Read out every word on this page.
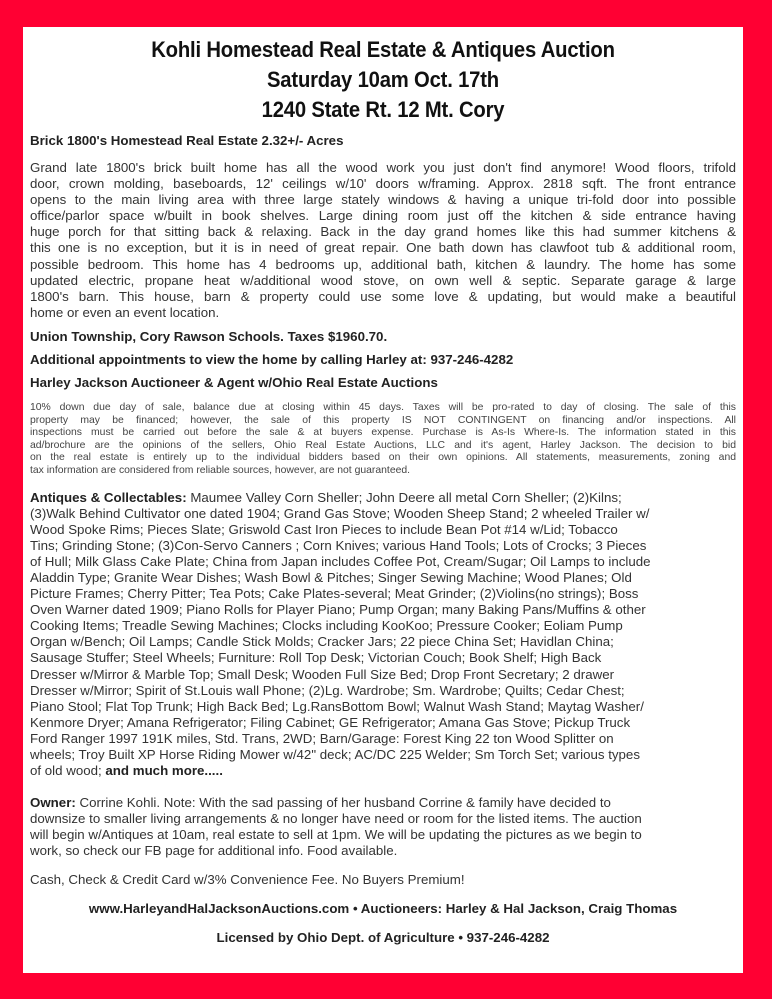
Kohli Homestead Real Estate & Antiques Auction
Saturday 10am Oct. 17th
1240 State Rt. 12 Mt. Cory

Brick 1800's Homestead Real Estate 2.32+/- Acres

Grand late 1800's brick built home has all the wood work you just don't find anymore! Wood floors, trifold
door, crown molding, baseboards, 12' ceilings w/10' doors w/framing. Approx. 2818 sqft. The front entrance
opens to the main living area with three large stately windows & having a unique tri-fold door into possible
office/parlor space w/built in book shelves. Large dining room just off the kitchen & side entrance having
huge porch for that sitting back & relaxing. Back in the day grand homes like this had summer kitchens &
this one is no exception, but it is in need of great repair. One bath down has clawfoot tub & additional room,
possible bedroom. This home has 4 bedrooms up, additional bath, kitchen & laundry. The home has some
updated electric, propane heat w/additional wood stove, on own well & septic. Separate garage & large
1800's barn. This house, barn & property could use some love & updating, but would make a beautiful
home or even an event location.

Union Township, Cory Rawson Schools. Taxes $1960.70.

Additional appointments to view the home by calling Harley at: 937-246-4282

Harley Jackson Auctioneer & Agent w/Ohio Real Estate Auctions

10% down due day of sale, balance due at closing within 45 days. Taxes will be pro-rated to day of closing. The sale of this
property may be financed; however, the sale of this property IS NOT CONTINGENT on financing and/or inspections. All
inspections must be carried out before the sale & at buyers expense. Purchase is As-Is Where-Is. The information stated in this
ad/brochure are the opinions of the sellers, Ohio Real Estate Auctions, LLC and it's agent, Harley Jackson. The decision to bid
on the real estate is entirely up to the individual bidders based on their own opinions. All statements, measurements, zoning and
tax information are considered from reliable sources, however, are not guaranteed.
Antiques & Collectables: Maumee Valley Corn Sheller; John Deere all metal Corn Sheller; (2)Kilns;
(3)Walk Behind Cultivator one dated 1904; Grand Gas Stove; Wooden Sheep Stand; 2 wheeled Trailer w/
Wood Spoke Rims; Pieces Slate; Griswold Cast Iron Pieces to include Bean Pot #14 w/Lid; Tobacco
Tins; Grinding Stone; (3)Con-Servo Canners ; Corn Knives; various Hand Tools; Lots of Crocks; 3 Pieces
of Hull; Milk Glass Cake Plate; China from Japan includes Coffee Pot, Cream/Sugar; Oil Lamps to include
Aladdin Type; Granite Wear Dishes; Wash Bowl & Pitches; Singer Sewing Machine; Wood Planes; Old
Picture Frames; Cherry Pitter; Tea Pots; Cake Plates-several; Meat Grinder; (2)Violins(no strings); Boss
Oven Warner dated 1909; Piano Rolls for Player Piano; Pump Organ; many Baking Pans/Muffins & other
Cooking Items; Treadle Sewing Machines; Clocks including KooKoo; Pressure Cooker; Eoliam Pump
Organ w/Bench; Oil Lamps; Candle Stick Molds; Cracker Jars; 22 piece China Set; Havidlan China;
Sausage Stuffer; Steel Wheels; Furniture: Roll Top Desk; Victorian Couch; Book Shelf; High Back
Dresser w/Mirror & Marble Top; Small Desk; Wooden Full Size Bed; Drop Front Secretary; 2 drawer
Dresser w/Mirror; Spirit of St.Louis wall Phone; (2)Lg. Wardrobe; Sm. Wardrobe; Quilts; Cedar Chest;
Piano Stool; Flat Top Trunk; High Back Bed; Lg.RansBottom Bowl; Walnut Wash Stand; Maytag Washer/
Kenmore Dryer; Amana Refrigerator; Filing Cabinet; GE Refrigerator; Amana Gas Stove; Pickup Truck
Ford Ranger 1997 191K miles, Std. Trans, 2WD; Barn/Garage: Forest King 22 ton Wood Splitter on
wheels; Troy Built XP Horse Riding Mower w/42" deck; AC/DC 225 Welder; Sm Torch Set; various types
of old wood; and much more.....
Owner: Corrine Kohli. Note: With the sad passing of her husband Corrine & family have decided to
downsize to smaller living arrangements & no longer have need or room for the listed items. The auction
will begin w/Antiques at 10am, real estate to sell at 1pm. We will be updating the pictures as we begin to
work, so check our FB page for additional info. Food available.
Cash, Check & Credit Card w/3% Convenience Fee. No Buyers Premium!
www.HarleyandHalJacksonAuctions.com • Auctioneers: Harley & Hal Jackson, Craig Thomas
Licensed by Ohio Dept. of Agriculture • 937-246-4282
